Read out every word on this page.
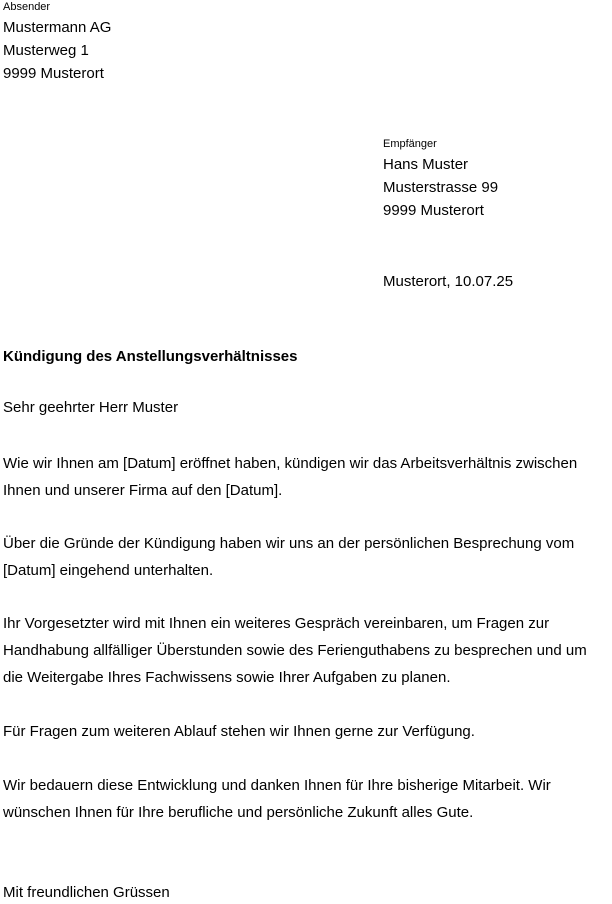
Absender
Mustermann AG
Musterweg 1
9999 Musterort
Empfänger
Hans Muster
Musterstrasse 99
9999 Musterort
Musterort, 10.07.25
Kündigung des Anstellungsverhältnisses
Sehr geehrter Herr Muster

Wie wir Ihnen am [Datum] eröffnet haben, kündigen wir das Arbeitsverhältnis zwischen Ihnen und unserer Firma auf den [Datum].

Über die Gründe der Kündigung haben wir uns an der persönlichen Besprechung vom [Datum] eingehend unterhalten.

Ihr Vorgesetzter wird mit Ihnen ein weiteres Gespräch vereinbaren, um Fragen zur Handhabung allfälliger Überstunden sowie des Ferienguthabens zu besprechen und um die Weitergabe Ihres Fachwissens sowie Ihrer Aufgaben zu planen.

Für Fragen zum weiteren Ablauf stehen wir Ihnen gerne zur Verfügung.

Wir bedauern diese Entwicklung und danken Ihnen für Ihre bisherige Mitarbeit. Wir wünschen Ihnen für Ihre berufliche und persönliche Zukunft alles Gute.

Mit freundlichen Grüssen
